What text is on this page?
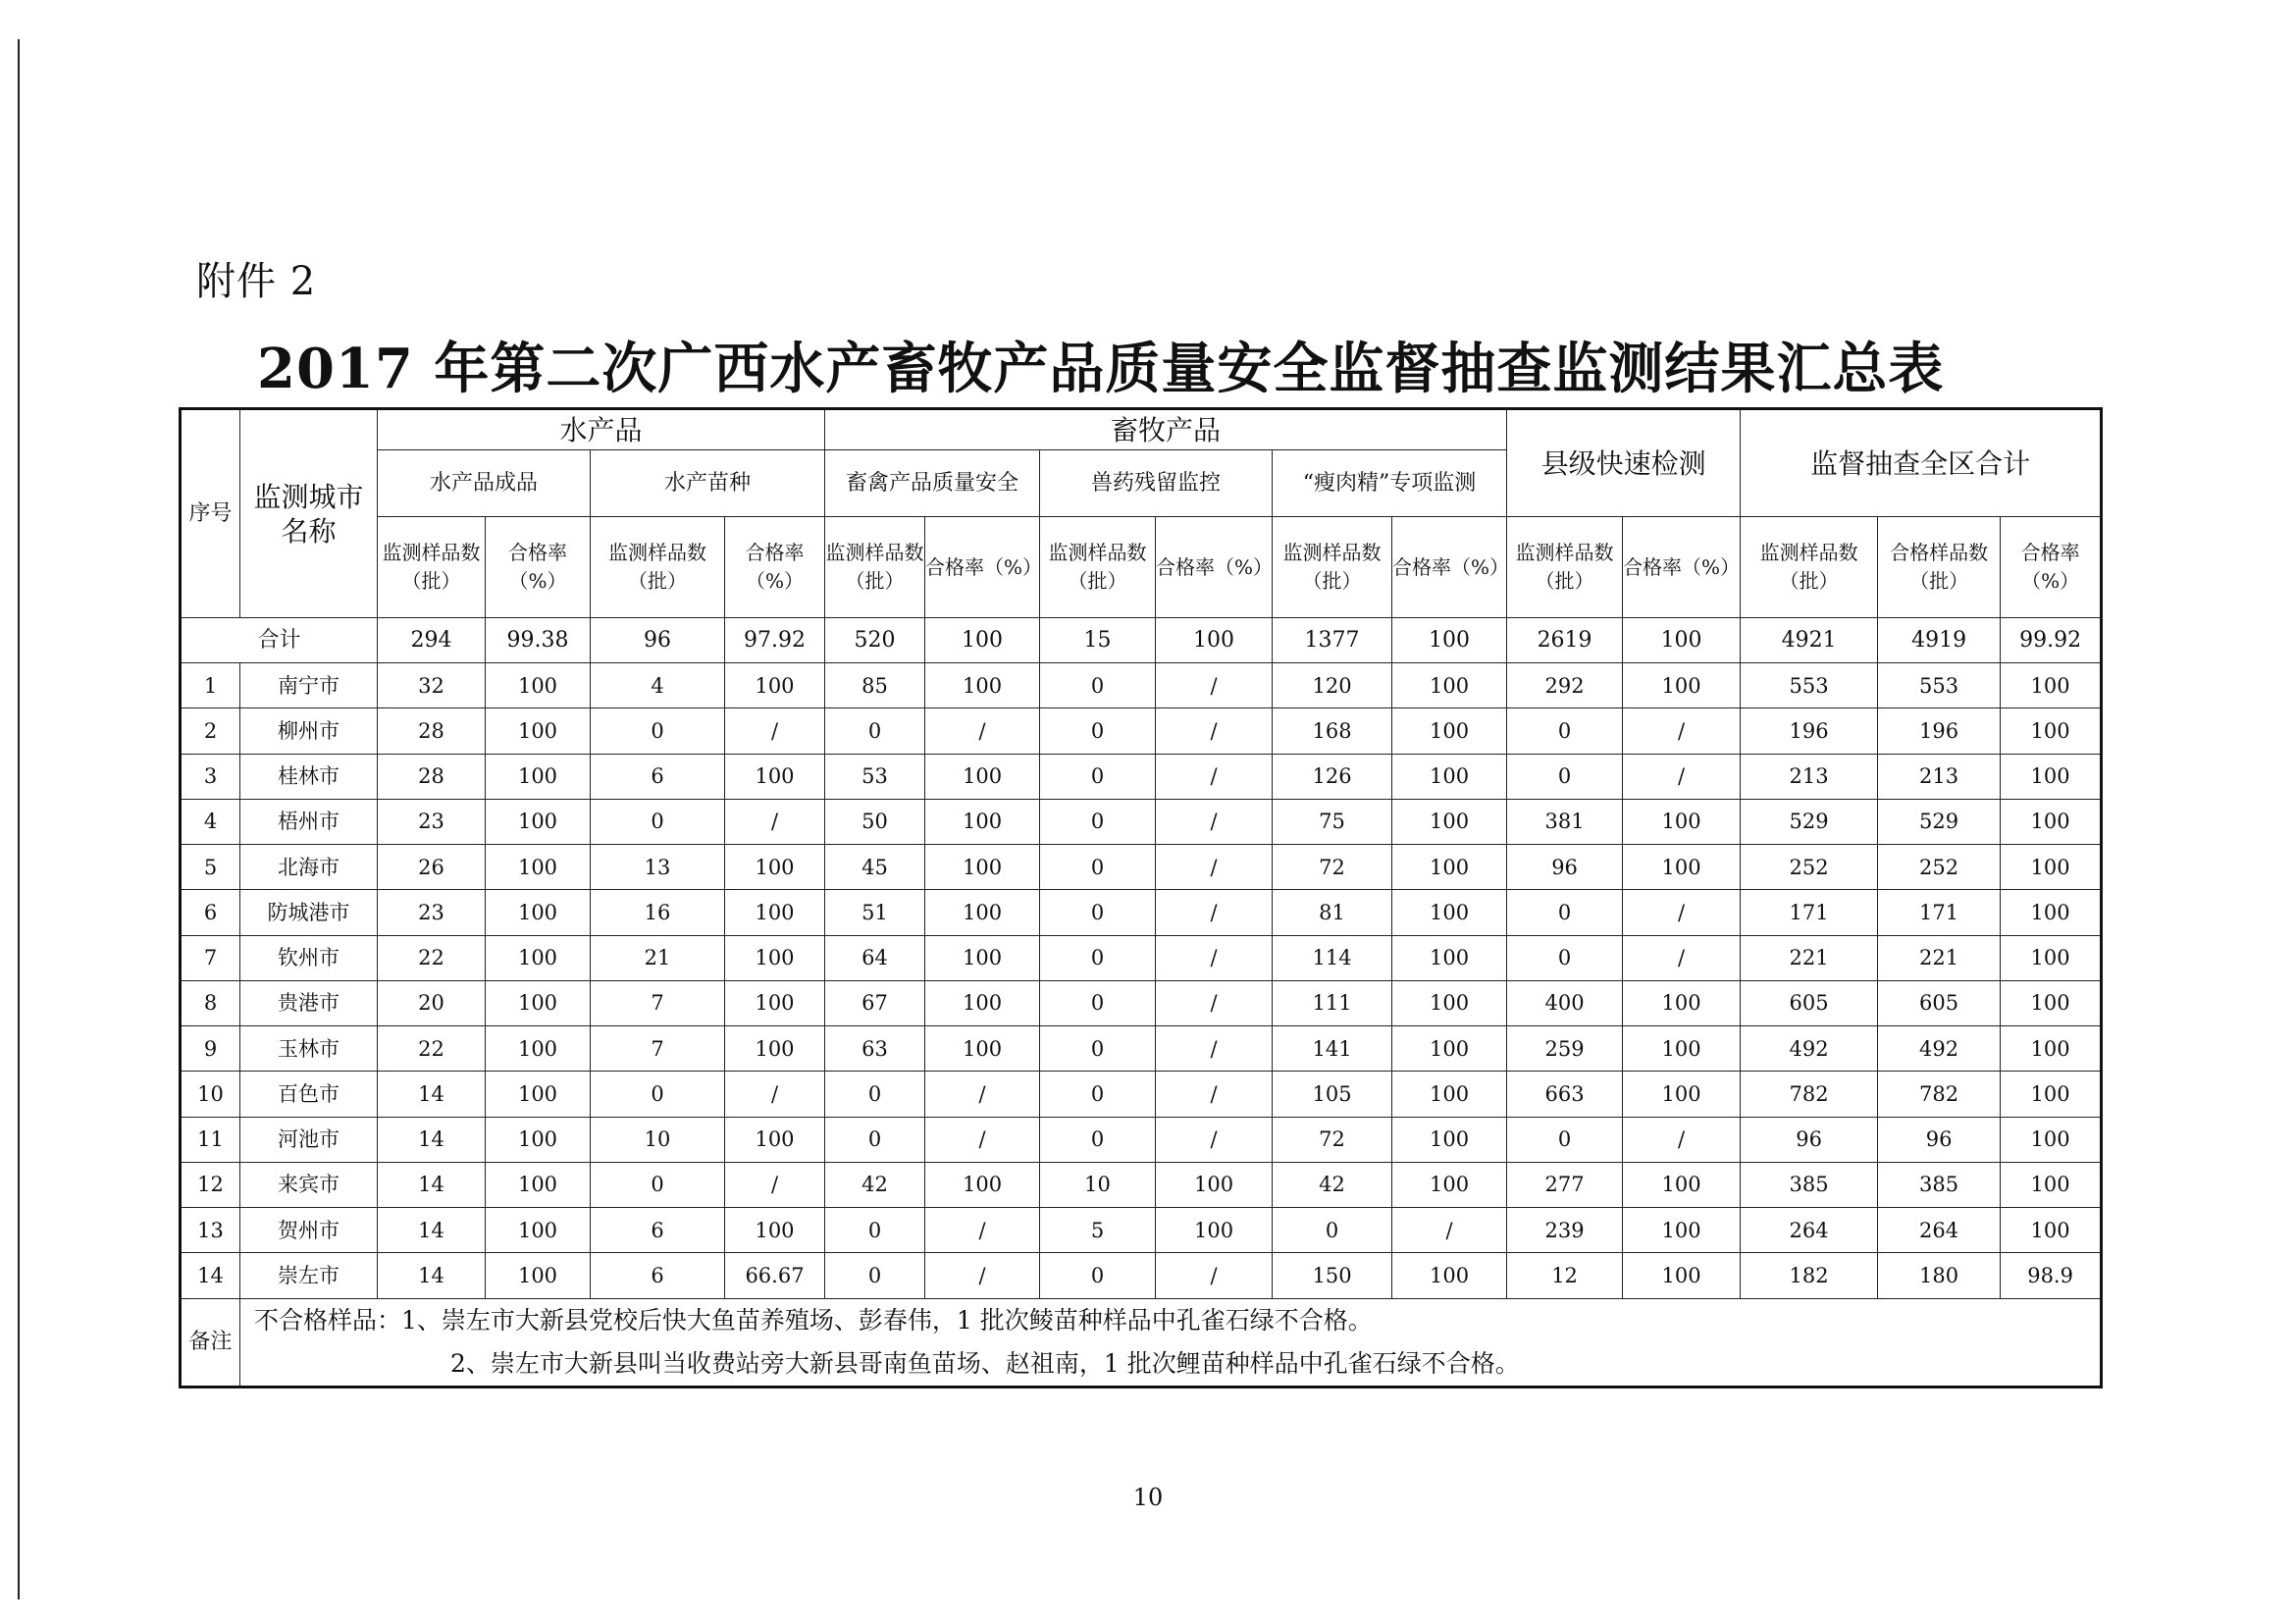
附件 2
2017 年第二次广西水产畜牧产品质量安全监督抽查监测结果汇总表
序号	监测城市名称	水产品				畜牧产品						县级快速检测		监督抽查全区合计		
		水产品成品		水产苗种		畜禽产品质量安全		兽药残留监控		“瘦肉精”专项监测						
		监测样品数（批）	合格率（%）	监测样品数（批）	合格率（%）	监测样品数（批）	合格率（%）	监测样品数（批）	合格率（%）	监测样品数（批）	合格率（%）	监测样品数（批）	合格率（%）	监测样品数（批）	合格样品数（批）	合格率（%）
合计		294	99.38	96	97.92	520	100	15	100	1377	100	2619	100	4921	4919	99.92
1	南宁市	32	100	4	100	85	100	0	/	120	100	292	100	553	553	100
2	柳州市	28	100	0	/	0	/	0	/	168	100	0	/	196	196	100
3	桂林市	28	100	6	100	53	100	0	/	126	100	0	/	213	213	100
4	梧州市	23	100	0	/	50	100	0	/	75	100	381	100	529	529	100
5	北海市	26	100	13	100	45	100	0	/	72	100	96	100	252	252	100
6	防城港市	23	100	16	100	51	100	0	/	81	100	0	/	171	171	100
7	钦州市	22	100	21	100	64	100	0	/	114	100	0	/	221	221	100
8	贵港市	20	100	7	100	67	100	0	/	111	100	400	100	605	605	100
9	玉林市	22	100	7	100	63	100	0	/	141	100	259	100	492	492	100
10	百色市	14	100	0	/	0	/	0	/	105	100	663	100	782	782	100
11	河池市	14	100	10	100	0	/	0	/	72	100	0	/	96	96	100
12	来宾市	14	100	0	/	42	100	10	100	42	100	277	100	385	385	100
13	贺州市	14	100	6	100	0	/	5	100	0	/	239	100	264	264	100
14	崇左市	14	100	6	66.67	0	/	0	/	150	100	12	100	182	180	98.9
备注	不合格样品：1、崇左市大新县党校后快大鱼苗养殖场、彭春伟，1 批次鲮苗种样品中孔雀石绿不合格。
2、崇左市大新县叫当收费站旁大新县哥南鱼苗场、赵祖南，1 批次鲤苗种样品中孔雀石绿不合格。															
10
